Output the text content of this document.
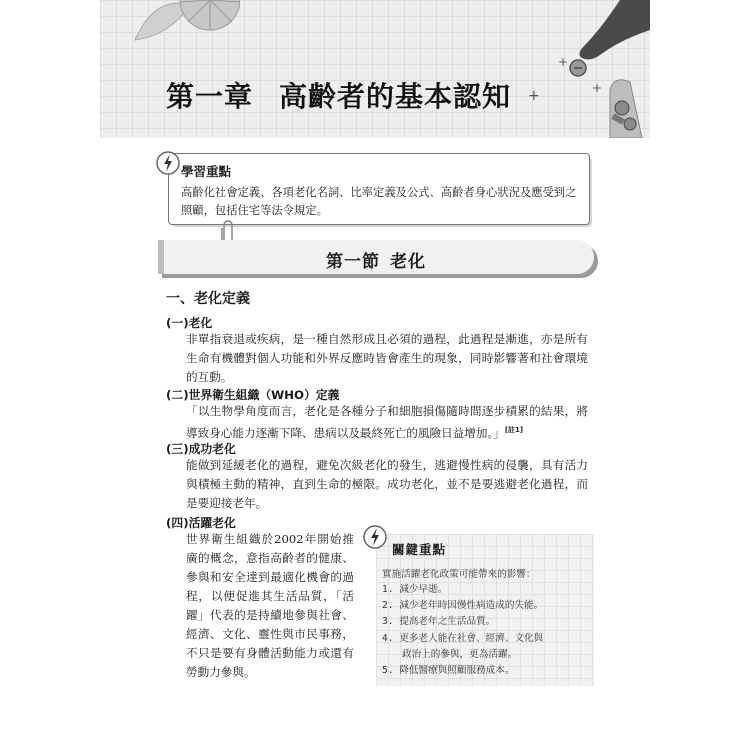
第一章 高齡者的基本認知 +
+
+
學習重點
高齡化社會定義、各項老化名詞、比率定義及公式、高齡者身心狀況及應受到之照顧，包括住宅等法令規定。
第一節 老化
一、老化定義
(一)老化
非單指衰退或疾病，是一種自然形成且必須的過程，此過程是漸進，亦是所有生命有機體對個人功能和外界反應時皆會產生的現象，同時影響著和社會環境的互動。
(二)世界衛生組織（WHO）定義
「以生物學角度而言，老化是各種分子和細胞損傷隨時間逐步積累的結果，將導致身心能力逐漸下降、患病以及最終死亡的風險日益增加。」[註1]
(三)成功老化
能做到延緩老化的過程，避免次級老化的發生，逃避慢性病的侵襲，具有活力與積極主動的精神，直到生命的極限。成功老化，並不是要逃避老化過程，而是要迎接老年。
(四)活躍老化
世界衛生組織於2002年開始推廣的概念，意指高齡者的健康、參與和安全達到最適化機會的過程，以便促進其生活品質，「活躍」代表的是持續地參與社會、經濟、文化、靈性與市民事務，不只是要有身體活動能力或還有勞動力參與。
關鍵重點
實施活躍老化政策可能帶來的影響：
1. 減少早逝。
2. 減少老年時因慢性病造成的失能。
3. 提高老年之生活品質。
4. 更多老人能在社會、經濟、文化與
政治上的參與，更為活躍。
5. 降低醫療與照顧服務成本。
